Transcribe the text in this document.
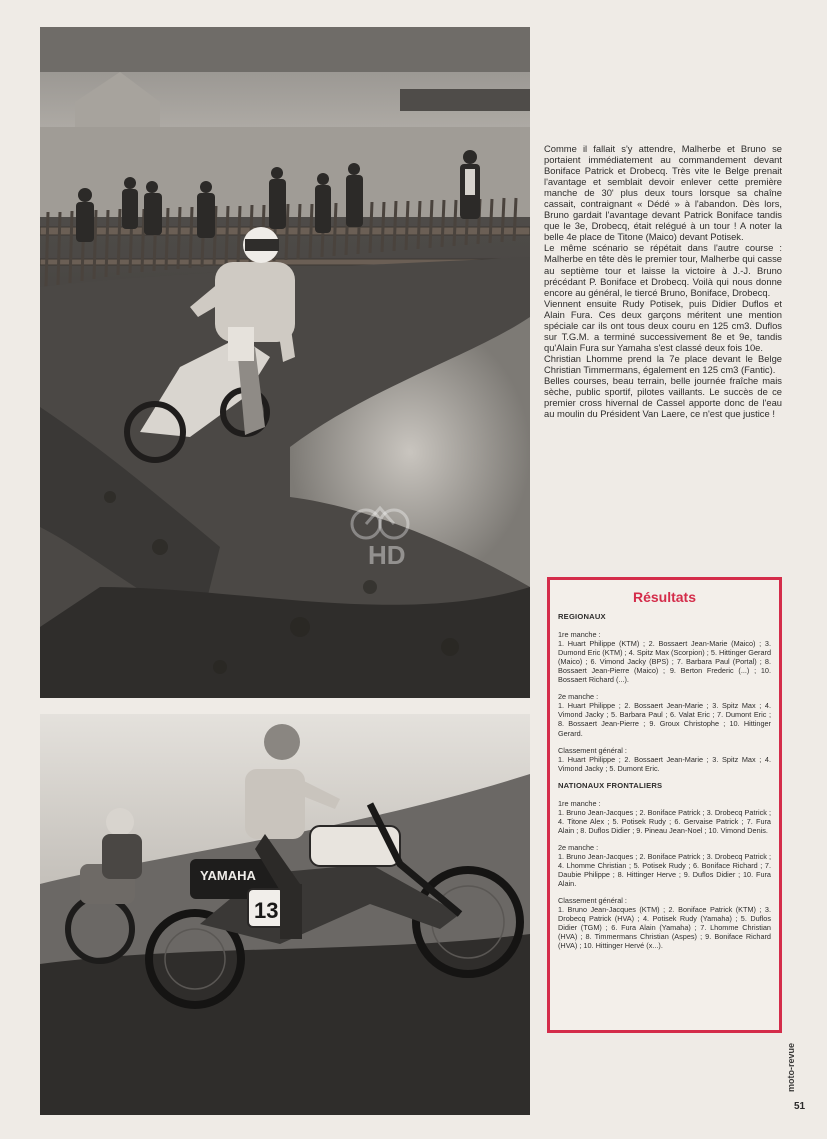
YAMAHA
13
HD

Comme il fallait s'y attendre, Malherbe et Bruno se portaient immédiatement au commandement devant Boniface Patrick et Drobecq. Très vite le Belge prenait l'avantage et semblait devoir enlever cette première manche de 30' plus deux tours lorsque sa chaîne cassait, contraignant « Dédé » à l'abandon. Dès lors, Bruno gardait l'avantage devant Patrick Boniface tandis que le 3e, Drobecq, était relégué à un tour ! A noter la belle 4e place de Titone (Maico) devant Potisek.

Le même scénario se répétait dans l'autre course : Malherbe en tête dès le premier tour, Malherbe qui casse au septième tour et laisse la victoire à J.-J. Bruno précédant P. Boniface et Drobecq. Voilà qui nous donne encore au général, le tiercé Bruno, Boniface, Drobecq.

Viennent ensuite Rudy Potisek, puis Didier Duflos et Alain Fura. Ces deux garçons méritent une mention spéciale car ils ont tous deux couru en 125 cm3. Duflos sur T.G.M. a terminé successivement 8e et 9e, tandis qu'Alain Fura sur Yamaha s'est classé deux fois 10e.

Christian Lhomme prend la 7e place devant le Belge Christian Timmermans, également en 125 cm3 (Fantic).

Belles courses, beau terrain, belle journée fraîche mais sèche, public sportif, pilotes vaillants. Le succès de ce premier cross hivernal de Cassel apporte donc de l'eau au moulin du Président Van Laere, ce n'est que justice !

Résultats
REGIONAUX
1re manche :
1. Huart Philippe (KTM) ; 2. Bossaert Jean-Marie (Maico) ; 3. Dumond Eric (KTM) ; 4. Spitz Max (Scorpion) ; 5. Hittinger Gerard (Maico) ; 6. Vimond Jacky (BPS) ; 7. Barbara Paul (Portal) ; 8. Bossaert Jean-Pierre (Maico) ; 9. Berton Frederic (...) ; 10. Bossaert Richard (...).
2e manche :
1. Huart Philippe ; 2. Bossaert Jean-Marie ; 3. Spitz Max ; 4. Vimond Jacky ; 5. Barbara Paul ; 6. Valat Eric ; 7. Dumont Eric ; 8. Bossaert Jean-Pierre ; 9. Groux Christophe ; 10. Hittinger Gerard.
Classement général :
1. Huart Philippe ; 2. Bossaert Jean-Marie ; 3. Spitz Max ; 4. Vimond Jacky ; 5. Dumont Eric.
NATIONAUX FRONTALIERS
1re manche :
1. Bruno Jean-Jacques ; 2. Boniface Patrick ; 3. Drobecq Patrick ; 4. Titone Alex ; 5. Potisek Rudy ; 6. Gervaise Patrick ; 7. Fura Alain ; 8. Duflos Didier ; 9. Pineau Jean-Noel ; 10. Vimond Denis.
2e manche :
1. Bruno Jean-Jacques ; 2. Boniface Patrick ; 3. Drobecq Patrick ; 4. Lhomme Christian ; 5. Potisek Rudy ; 6. Boniface Richard ; 7. Daubie Philippe ; 8. Hittinger Herve ; 9. Duflos Didier ; 10. Fura Alain.
Classement général :
1. Bruno Jean-Jacques (KTM) ; 2. Boniface Patrick (KTM) ; 3. Drobecq Patrick (HVA) ; 4. Potisek Rudy (Yamaha) ; 5. Duflos Didier (TGM) ; 6. Fura Alain (Yamaha) ; 7. Lhomme Christian (HVA) ; 8. Timmermans Christian (Aspes) ; 9. Boniface Richard (HVA) ; 10. Hittinger Hervé (x...).
moto-revue
51
